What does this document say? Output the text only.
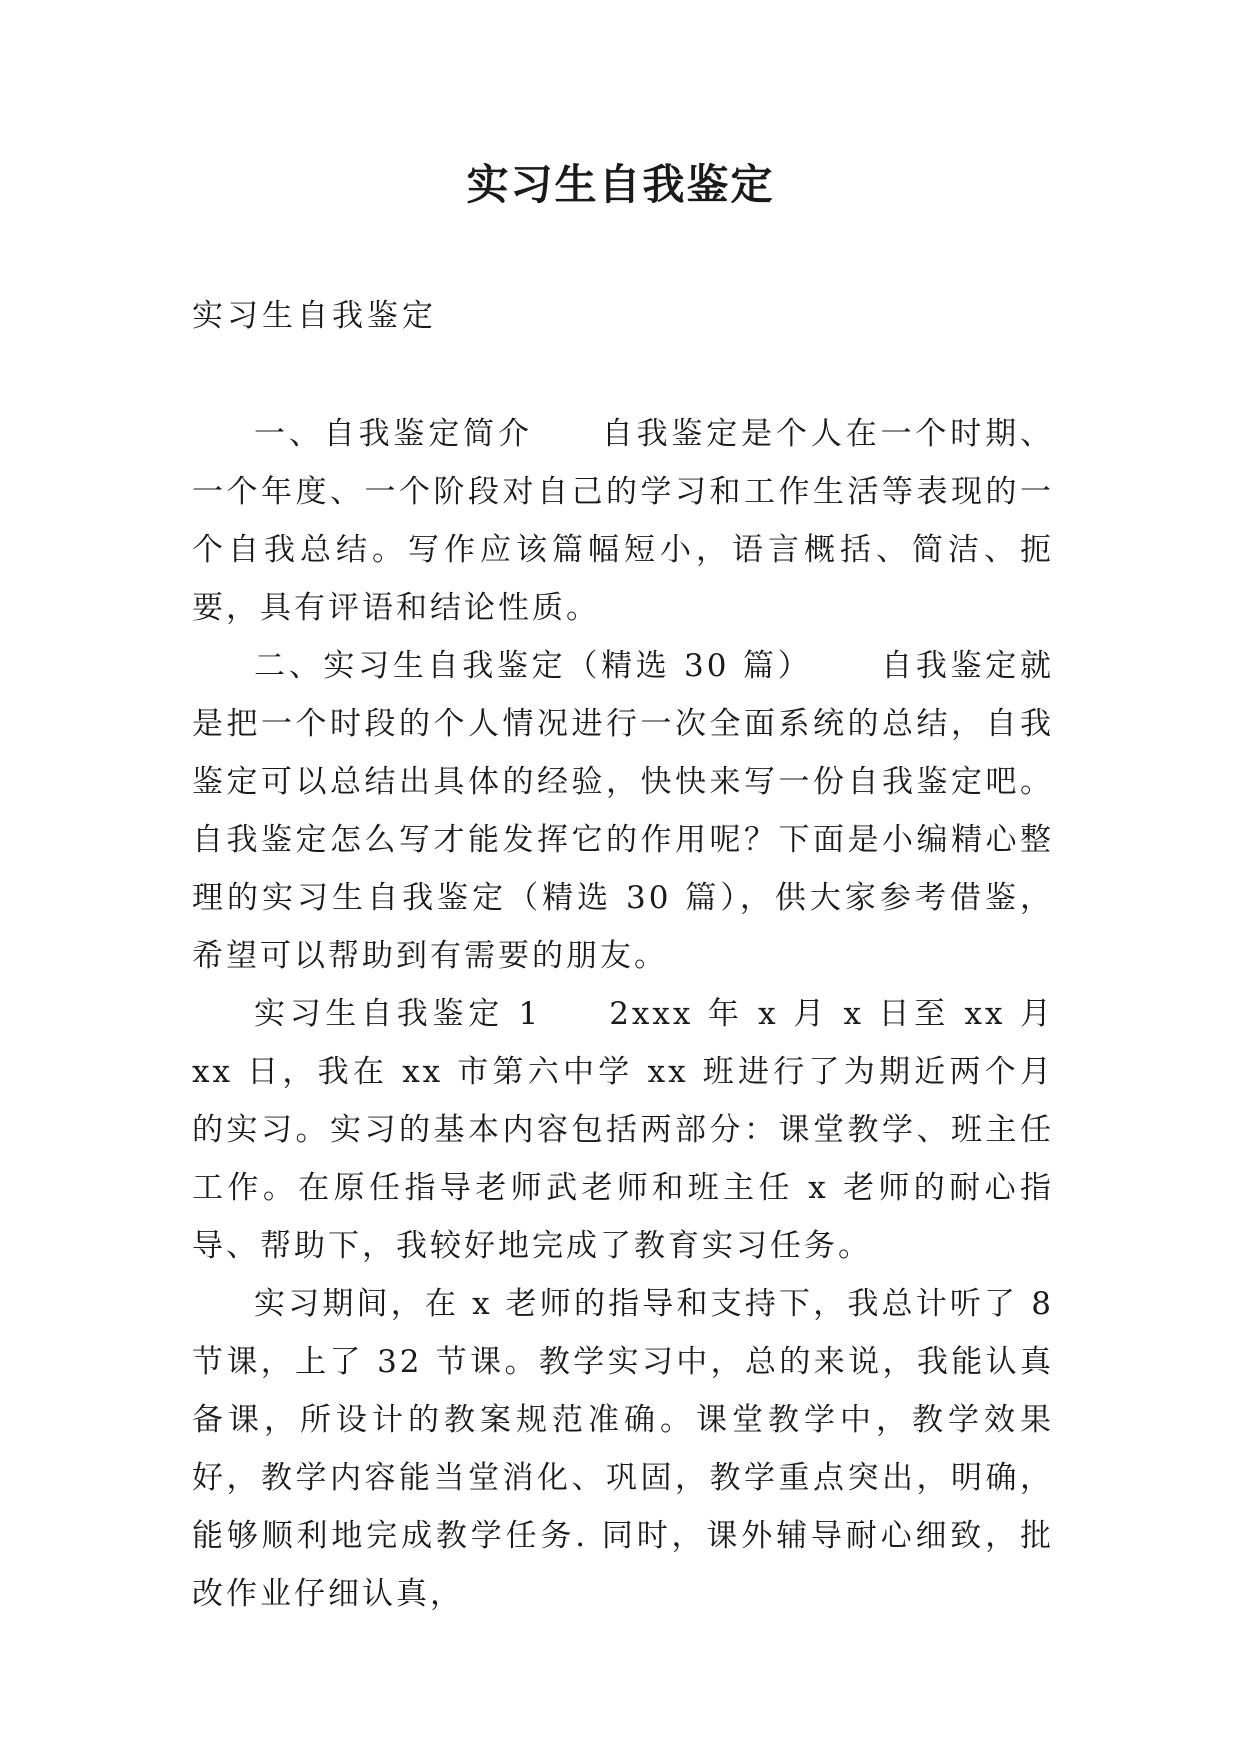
实习生自我鉴定

实习生自我鉴定

一、自我鉴定简介 自我鉴定是个人在一个时期、一个年度、一个阶段对自己的学习和工作生活等表现的一个自我总结。写作应该篇幅短小，语言概括、简洁、扼要，具有评语和结论性质。

二、实习生自我鉴定（精选 30 篇） 自我鉴定就是把一个时段的个人情况进行一次全面系统的总结，自我鉴定可以总结出具体的经验，快快来写一份自我鉴定吧。自我鉴定怎么写才能发挥它的作用呢？下面是小编精心整理的实习生自我鉴定（精选 30 篇），供大家参考借鉴，希望可以帮助到有需要的朋友。

实习生自我鉴定 1 2xxx 年 x 月 x 日至 xx 月 xx 日，我在 xx 市第六中学 xx 班进行了为期近两个月的实习。实习的基本内容包括两部分：课堂教学、班主任工作。在原任指导老师武老师和班主任 x 老师的耐心指导、帮助下，我较好地完成了教育实习任务。

实习期间，在 x 老师的指导和支持下，我总计听了 8 节课，上了 32 节课。教学实习中，总的来说，我能认真备课，所设计的教案规范准确。课堂教学中，教学效果好，教学内容能当堂消化、巩固，教学重点突出，明确，能够顺利地完成教学任务. 同时，课外辅导耐心细致，批改作业仔细认真，
